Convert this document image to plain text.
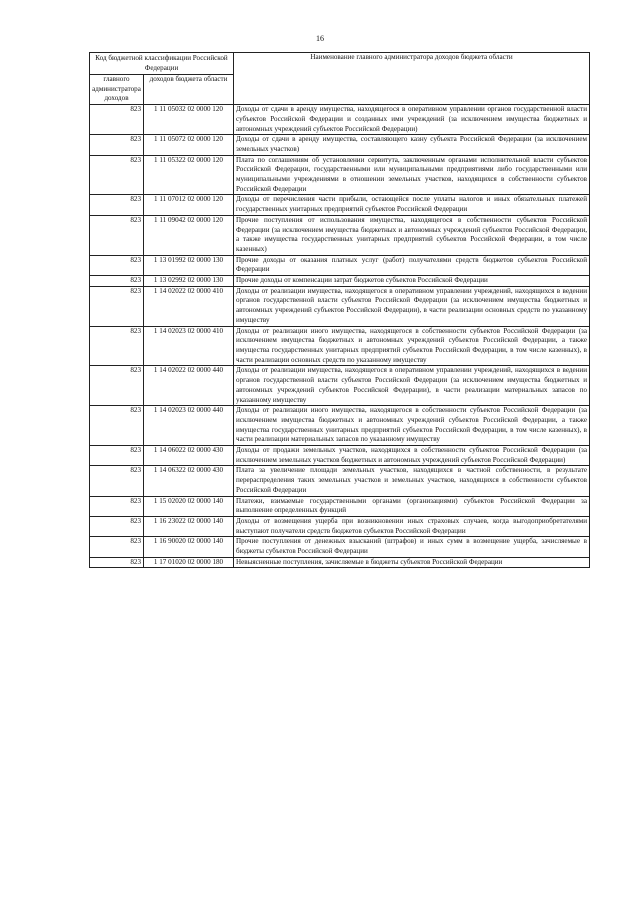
16
Код бюджетной классификации Российской Федерации		Наименование главного администратора доходов бюджета области
главного администратора доходов	доходов бюджета области	
823	1 11 05032 02 0000 120	Доходы от сдачи в аренду имущества, находящегося в оперативном управлении органов государственной власти субъектов Российской Федерации и созданных ими учреждений (за исключением имущества бюджетных и автономных учреждений субъектов Российской Федерации)
823	1 11 05072 02 0000 120	Доходы от сдачи в аренду имущества, составляющего казну субъекта Российской Федерации (за исключением земельных участков)
823	1 11 05322 02 0000 120	Плата по соглашениям об установлении сервитута, заключенным органами исполнительной власти субъектов Российской Федерации, государственными или муниципальными предприятиями либо государственными или муниципальными учреждениями в отношении земельных участков, находящихся в собственности субъектов Российской Федерации
823	1 11 07012 02 0000 120	Доходы от перечисления части прибыли, остающейся после уплаты налогов и иных обязательных платежей государственных унитарных предприятий субъектов Российской Федерации
823	1 11 09042 02 0000 120	Прочие поступления от использования имущества, находящегося в собственности субъектов Российской Федерации (за исключением имущества бюджетных и автономных учреждений субъектов Российской Федерации, а также имущества государственных унитарных предприятий субъектов Российской Федерации, в том числе казенных)
823	1 13 01992 02 0000 130	Прочие доходы от оказания платных услуг (работ) получателями средств бюджетов субъектов Российской Федерации
823	1 13 02992 02 0000 130	Прочие доходы от компенсации затрат бюджетов субъектов Российской Федерации
823	1 14 02022 02 0000 410	Доходы от реализации имущества, находящегося в оперативном управлении учреждений, находящихся в ведении органов государственной власти субъектов Российской Федерации (за исключением имущества бюджетных и автономных учреждений субъектов Российской Федерации), в части реализации основных средств по указанному имуществу
823	1 14 02023 02 0000 410	Доходы от реализации иного имущества, находящегося в собственности субъектов Российской Федерации (за исключением имущества бюджетных и автономных учреждений субъектов Российской Федерации, а также имущества государственных унитарных предприятий субъектов Российской Федерации, в том числе казенных), в части реализации основных средств по указанному имуществу
823	1 14 02022 02 0000 440	Доходы от реализации имущества, находящегося в оперативном управлении учреждений, находящихся в ведении органов государственной власти субъектов Российской Федерации (за исключением имущества бюджетных и автономных учреждений субъектов Российской Федерации), в части реализации материальных запасов по указанному имуществу
823	1 14 02023 02 0000 440	Доходы от реализации иного имущества, находящегося в собственности субъектов Российской Федерации (за исключением имущества бюджетных и автономных учреждений субъектов Российской Федерации, а также имущества государственных унитарных предприятий субъектов Российской Федерации, в том числе казенных), в части реализации материальных запасов по указанному имуществу
823	1 14 06022 02 0000 430	Доходы от продажи земельных участков, находящихся в собственности субъектов Российской Федерации (за исключением земельных участков бюджетных и автономных учреждений субъектов Российской Федерации)
823	1 14 06322 02 0000 430	Плата за увеличение площади земельных участков, находящихся в частной собственности, в результате перераспределения таких земельных участков и земельных участков, находящихся в собственности субъектов Российской Федерации
823	1 15 02020 02 0000 140	Платежи, взимаемые государственными органами (организациями) субъектов Российской Федерации за выполнение определенных функций
823	1 16 23022 02 0000 140	Доходы от возмещения ущерба при возникновении иных страховых случаев, когда выгодоприобретателями выступают получатели средств бюджетов субъектов Российской Федерации
823	1 16 90020 02 0000 140	Прочие поступления от денежных взысканий (штрафов) и иных сумм в возмещение ущерба, зачисляемые в бюджеты субъектов Российской Федерации
823	1 17 01020 02 0000 180	Невыясненные поступления, зачисляемые в бюджеты субъектов Российской Федерации
